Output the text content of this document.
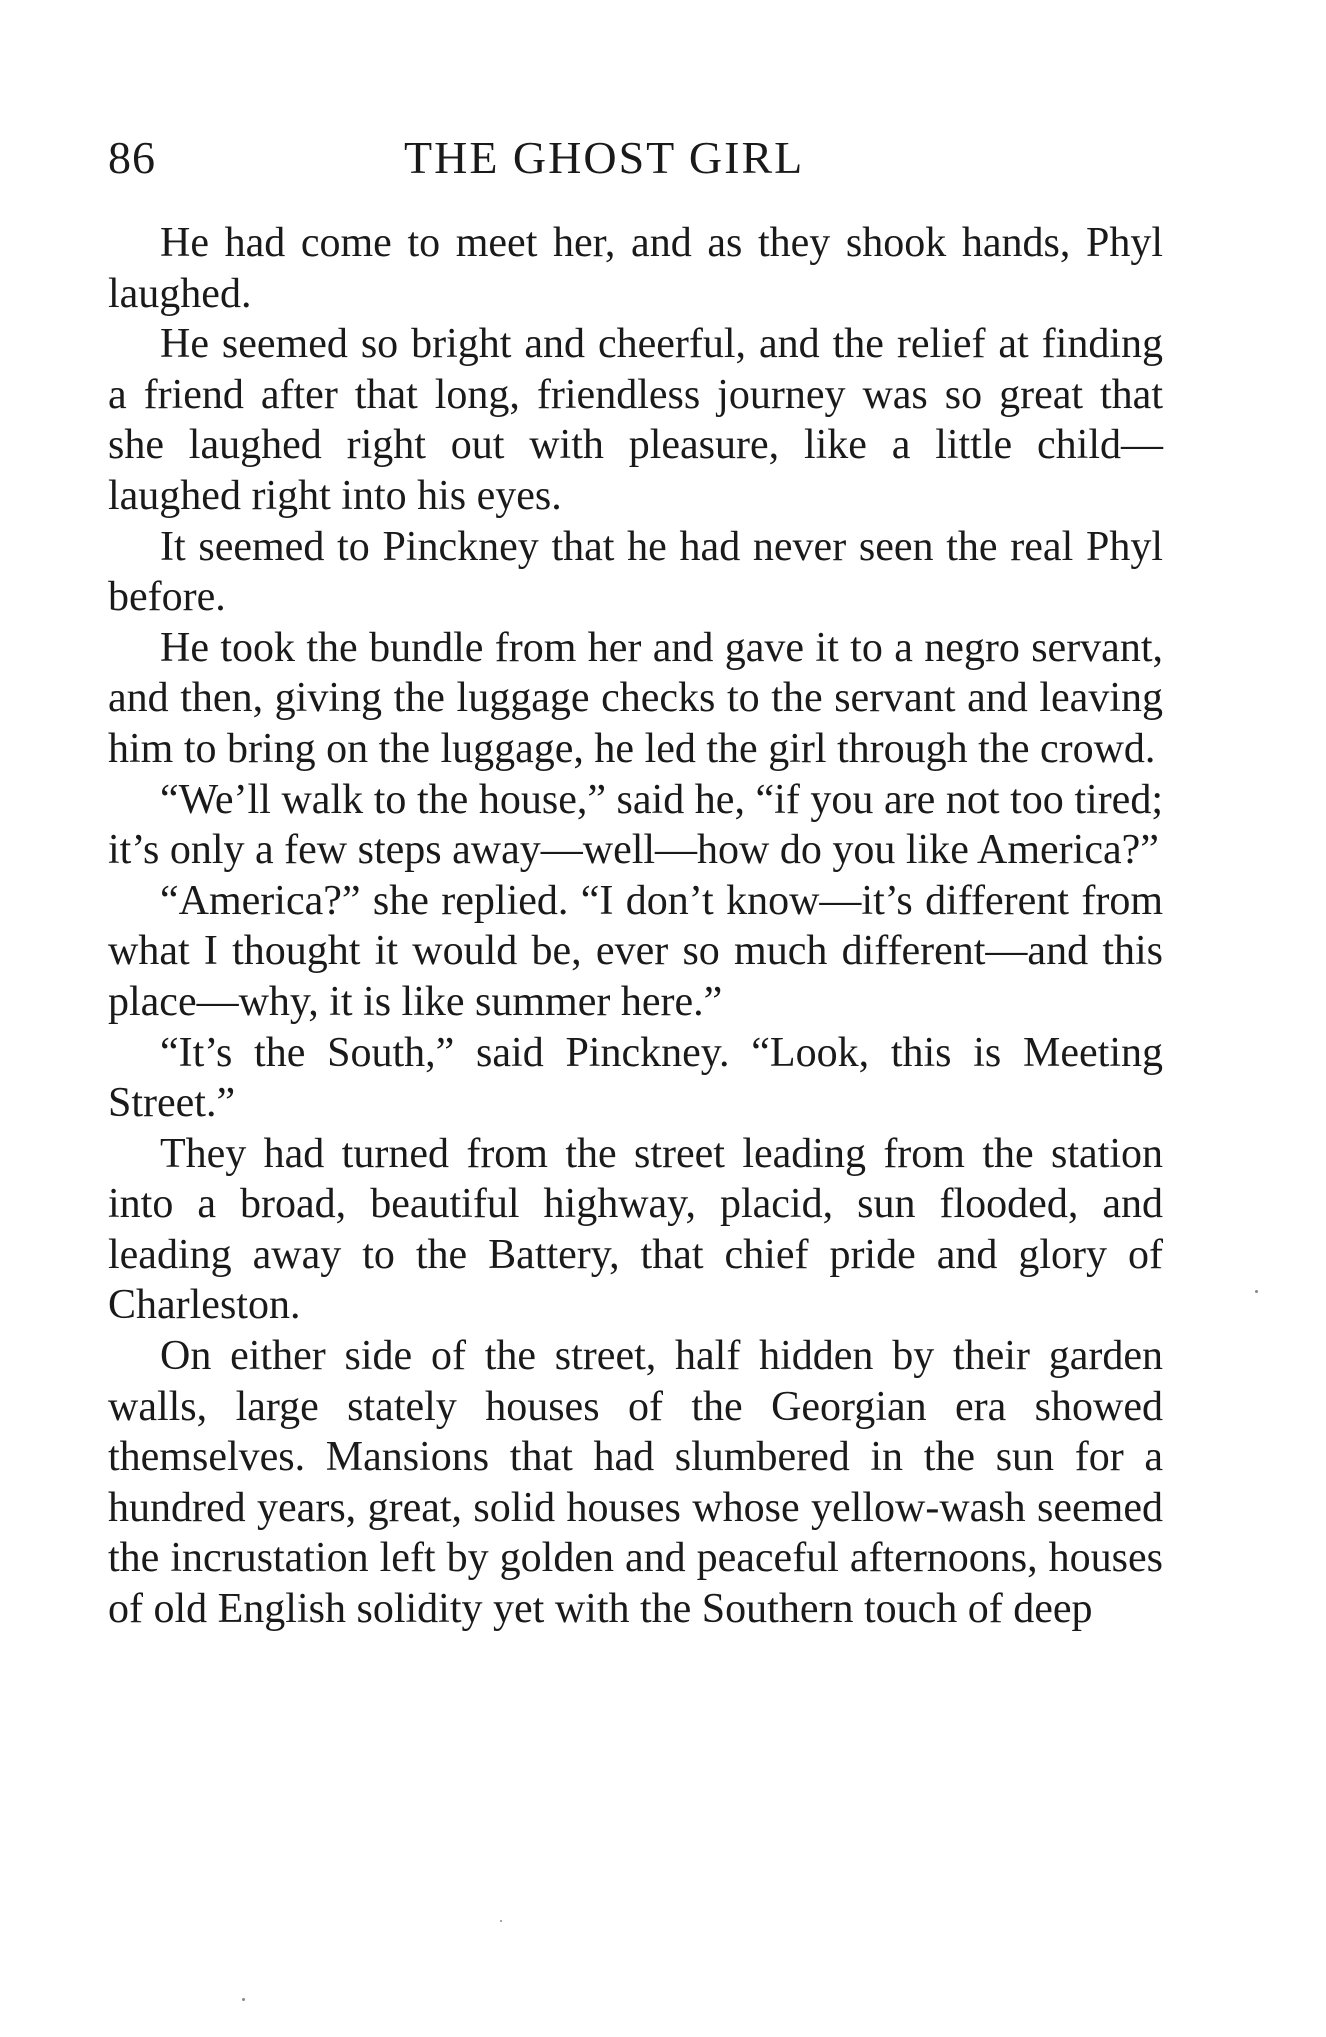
86	THE GHOST GIRL

He had come to meet her, and as they shook hands, Phyl laughed.

He seemed so bright and cheerful, and the relief at finding a friend after that long, friendless journey was so great that she laughed right out with pleasure, like a little child—laughed right into his eyes.

It seemed to Pinckney that he had never seen the real Phyl before.

He took the bundle from her and gave it to a negro servant, and then, giving the luggage checks to the servant and leaving him to bring on the luggage, he led the girl through the crowd.

“We’ll walk to the house,” said he, “if you are not too tired; it’s only a few steps away—well—how do you like America?”

“America?” she replied. “I don’t know—it’s different from what I thought it would be, ever so much different—and this place—why, it is like summer here.”

“It’s the South,” said Pinckney. “Look, this is Meeting Street.”

They had turned from the street leading from the station into a broad, beautiful highway, placid, sun flooded, and leading away to the Battery, that chief pride and glory of Charleston.

On either side of the street, half hidden by their garden walls, large stately houses of the Georgian era showed themselves. Mansions that had slumbered in the sun for a hundred years, great, solid houses whose yellow-wash seemed the incrustation left by golden and peaceful afternoons, houses of old English solidity yet with the Southern touch of deep
